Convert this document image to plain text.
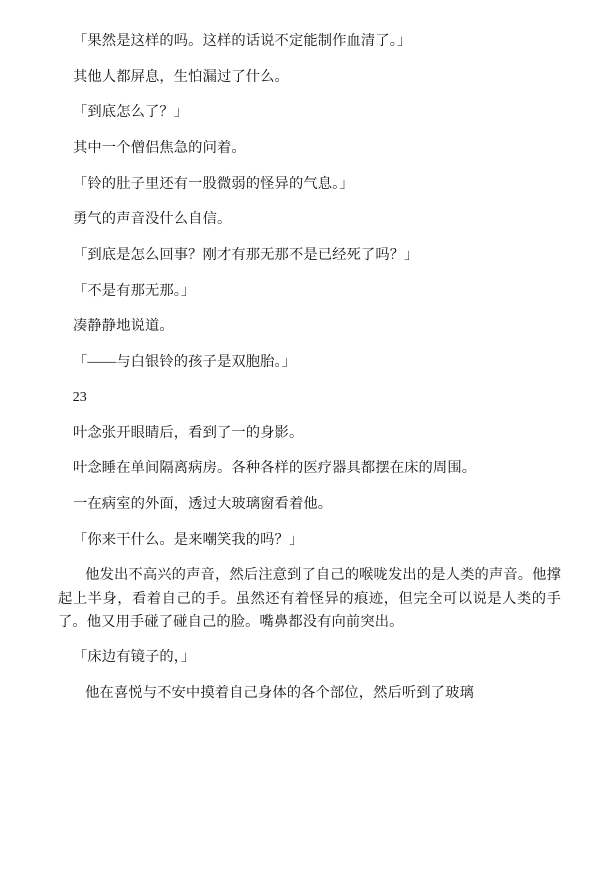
「果然是这样的吗。这样的话说不定能制作血清了。」

其他人都屏息，生怕漏过了什么。

「到底怎么了？」

其中一个僧侣焦急的问着。

「铃的肚子里还有一股微弱的怪异的气息。」

勇气的声音没什么自信。

「到底是怎么回事？刚才有那无那不是已经死了吗？」

「不是有那无那。」

凑静静地说道。

「――与白银铃的孩子是双胞胎。」

23

叶念张开眼睛后，看到了一的身影。

叶念睡在单间隔离病房。各种各样的医疗器具都摆在床的周围。

一在病室的外面，透过大玻璃窗看着他。

「你来干什么。是来嘲笑我的吗？」

他发出不高兴的声音，然后注意到了自己的喉咙发出的是人类的声音。他撑起上半身，看着自己的手。虽然还有着怪异的痕迹，但完全可以说是人类的手了。他又用手碰了碰自己的脸。嘴鼻都没有向前突出。

「床边有镜子的，」

他在喜悦与不安中摸着自己身体的各个部位，然后听到了玻璃
